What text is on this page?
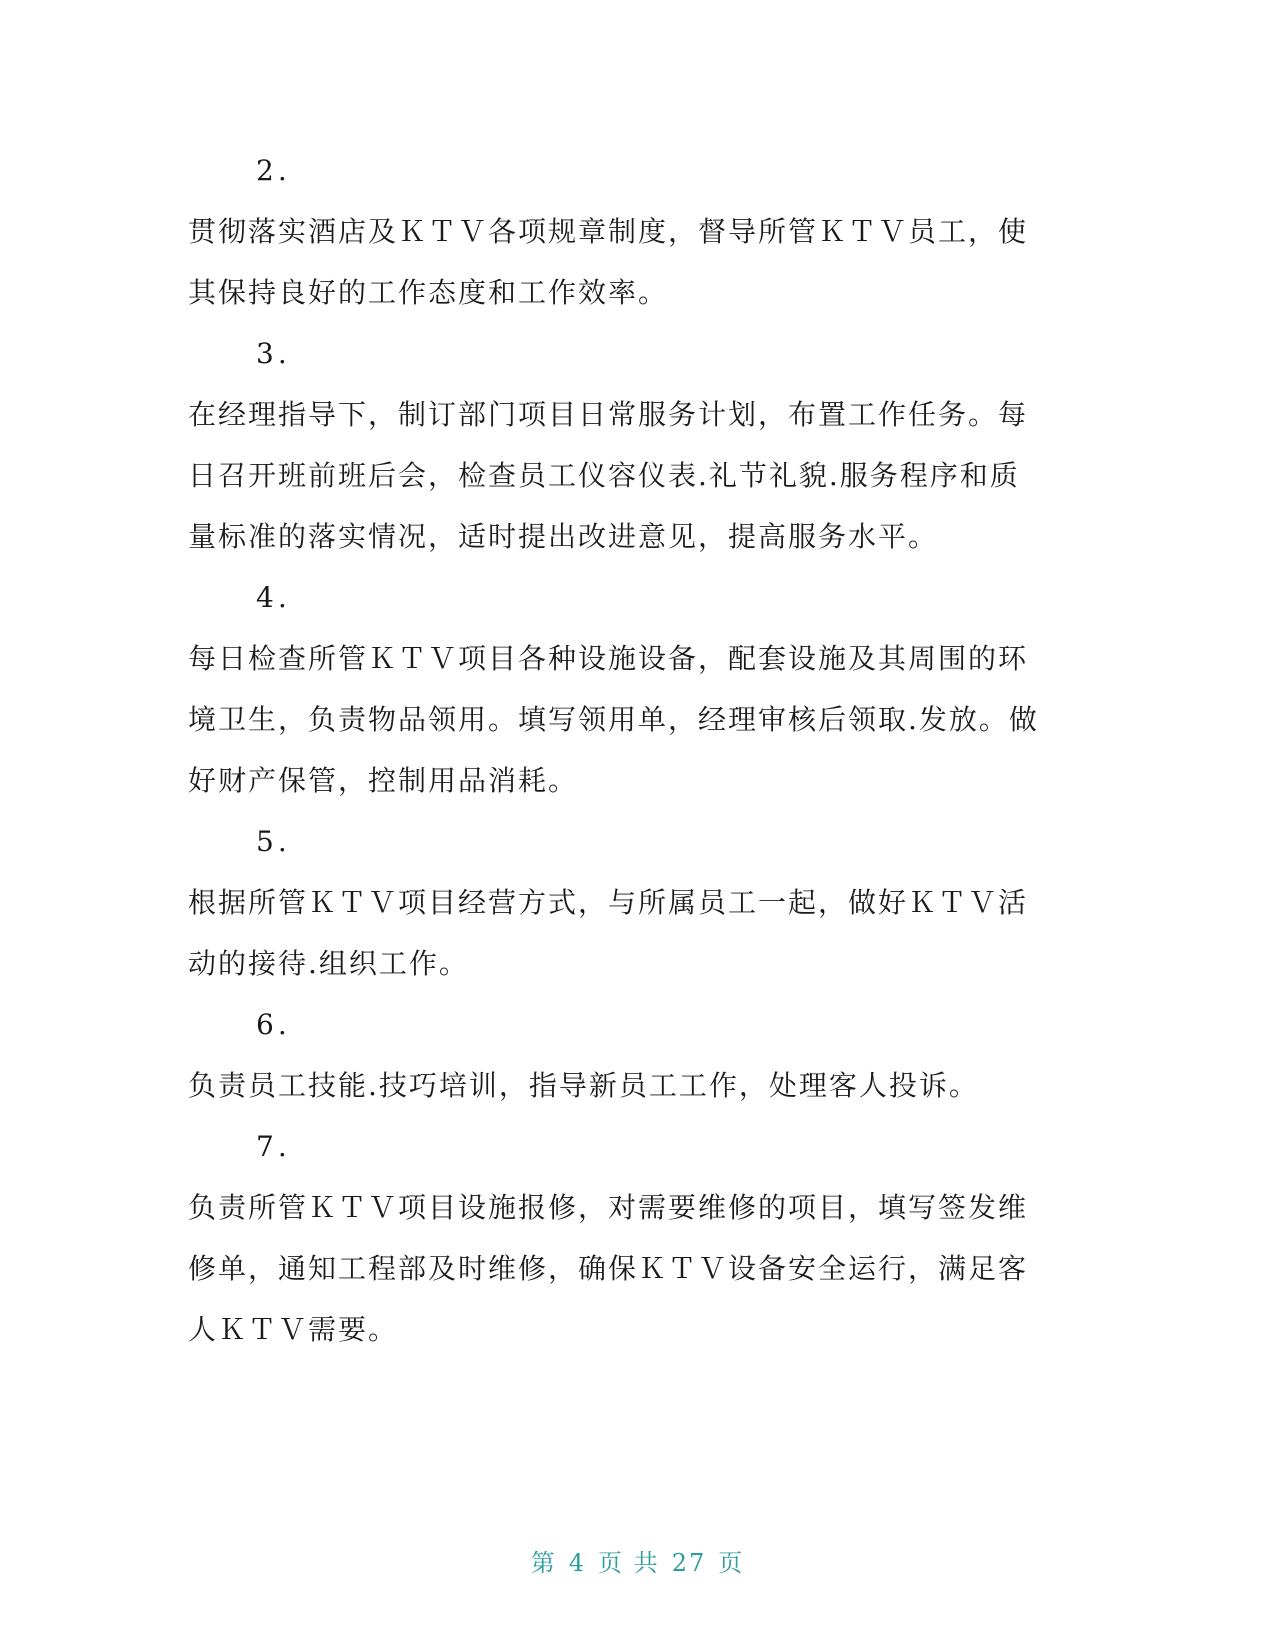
2.

贯彻落实酒店及ＫＴＶ各项规章制度，督导所管ＫＴＶ员工，使
其保持良好的工作态度和工作效率。

3.

在经理指导下，制订部门项目日常服务计划，布置工作任务。每
日召开班前班后会，检查员工仪容仪表.礼节礼貌.服务程序和质
量标准的落实情况，适时提出改进意见，提高服务水平。

4.

每日检查所管ＫＴＶ项目各种设施设备，配套设施及其周围的环
境卫生，负责物品领用。填写领用单，经理审核后领取.发放。做
好财产保管，控制用品消耗。

5.

根据所管ＫＴＶ项目经营方式，与所属员工一起，做好ＫＴＶ活
动的接待.组织工作。

6.

负责员工技能.技巧培训，指导新员工工作，处理客人投诉。

7.

负责所管ＫＴＶ项目设施报修，对需要维修的项目，填写签发维
修单，通知工程部及时维修，确保ＫＴＶ设备安全运行，满足客
人ＫＴＶ需要。

第 4 页 共 27 页
